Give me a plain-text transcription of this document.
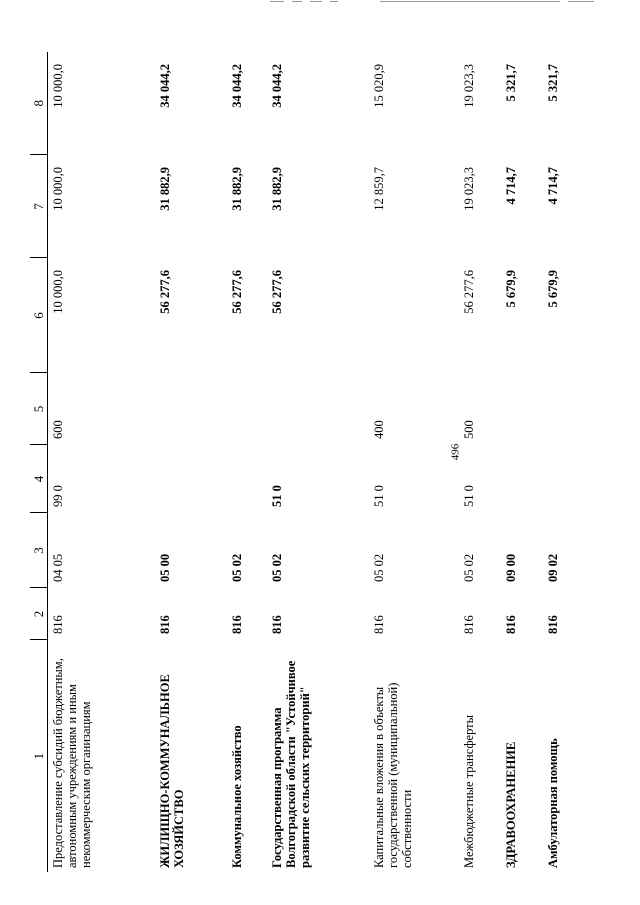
496
1	2	3	4	5	6	7	8
Предоставление субсидий бюджетным, автономным учреждениям и иным некоммерческим организациям	816	04 05	99 0	600	10 000,0	10 000,0	10 000,0
ЖИЛИЩНО-КОММУНАЛЬНОЕ ХОЗЯЙСТВО	816	05 00			56 277,6	31 882,9	34 044,2
Коммунальное хозяйство	816	05 02			56 277,6	31 882,9	34 044,2
Государственная программа Волгоградской области "Устойчивое развитие сельских территорий"	816	05 02	51 0		56 277,6	31 882,9	34 044,2
Капитальные вложения в объекты государственной (муниципальной) собственности	816	05 02	51 0	400		12 859,7	15 020,9
Межбюджетные трансферты	816	05 02	51 0	500	56 277,6	19 023,3	19 023,3
ЗДРАВООХРАНЕНИЕ	816	09 00			5 679,9	4 714,7	5 321,7
Амбулаторная помощь	816	09 02			5 679,9	4 714,7	5 321,7
